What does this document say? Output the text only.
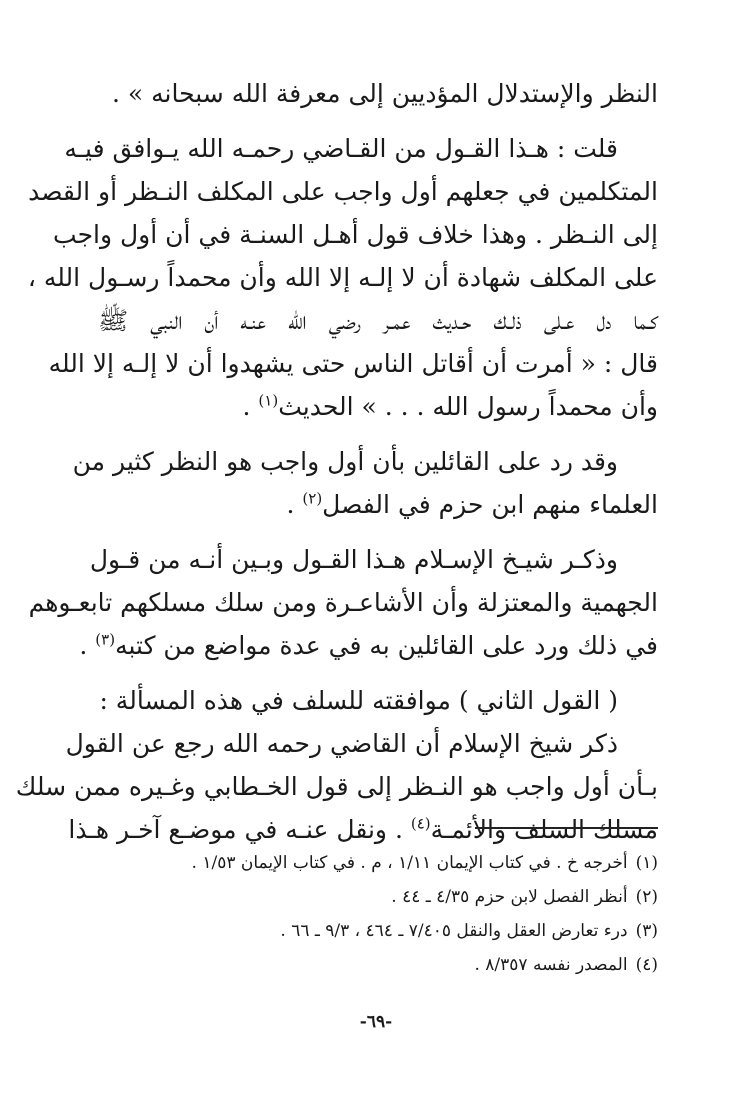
النظر والإستدلال المؤديين إلى معرفة الله سبحانه » .
قلت : هـذا القـول من القـاضي رحمـه الله يـوافق فيـه
المتكلمين في جعلهم أول واجب على المكلف النـظر أو القصد
إلى النـظر . وهذا خلاف قول أهـل السنـة في أن أول واجب
على المكلف شهادة أن لا إلـه إلا الله وأن محمداً رسـول الله ،
كـما دل عـلى ذلـك حـديث عمـر رضي الله عنـه أن النبي ﷺ
قال : « أمرت أن أقاتل الناس حتى يشهدوا أن لا إلـه إلا الله
وأن محمداً رسول الله . . . » الحديث$^{(١)}$ .
وقد رد على القائلين بأن أول واجب هو النظر كثير من
العلماء منهم ابن حزم في الفصل$^{(٢)}$ .
وذكـر شيـخ الإسـلام هـذا القـول وبـين أنـه من قـول
الجهمية والمعتزلة وأن الأشاعـرة ومن سلك مسلكهم تابعـوهم
في ذلك ورد على القائلين به في عدة مواضع من كتبه$^{(٣)}$ .
( القول الثاني ) موافقته للسلف في هذه المسألة :
ذكر شيخ الإسلام أن القاضي رحمه الله رجع عن القول
بـأن أول واجب هو النـظر إلى قول الخـطابي وغـيره ممن سلك
مسلك السلف والأئمـة$^{(٤)}$ . ونقل عنـه في موضـع آخـر هـذا
(١)أخرجه خ . في كتاب الإيمان ١/١١ ، م . في كتاب الإيمان ١/٥٣ .
(٢)أنظر الفصل لابن حزم ٤/٣٥ ـ ٤٤ .
(٣)درء تعارض العقل والنقل ٧/٤٠٥ ـ ٤٦٤ ، ٩/٣ ـ ٦٦ .
(٤)المصدر نفسه ٨/٣٥٧ .
-٦٩-
